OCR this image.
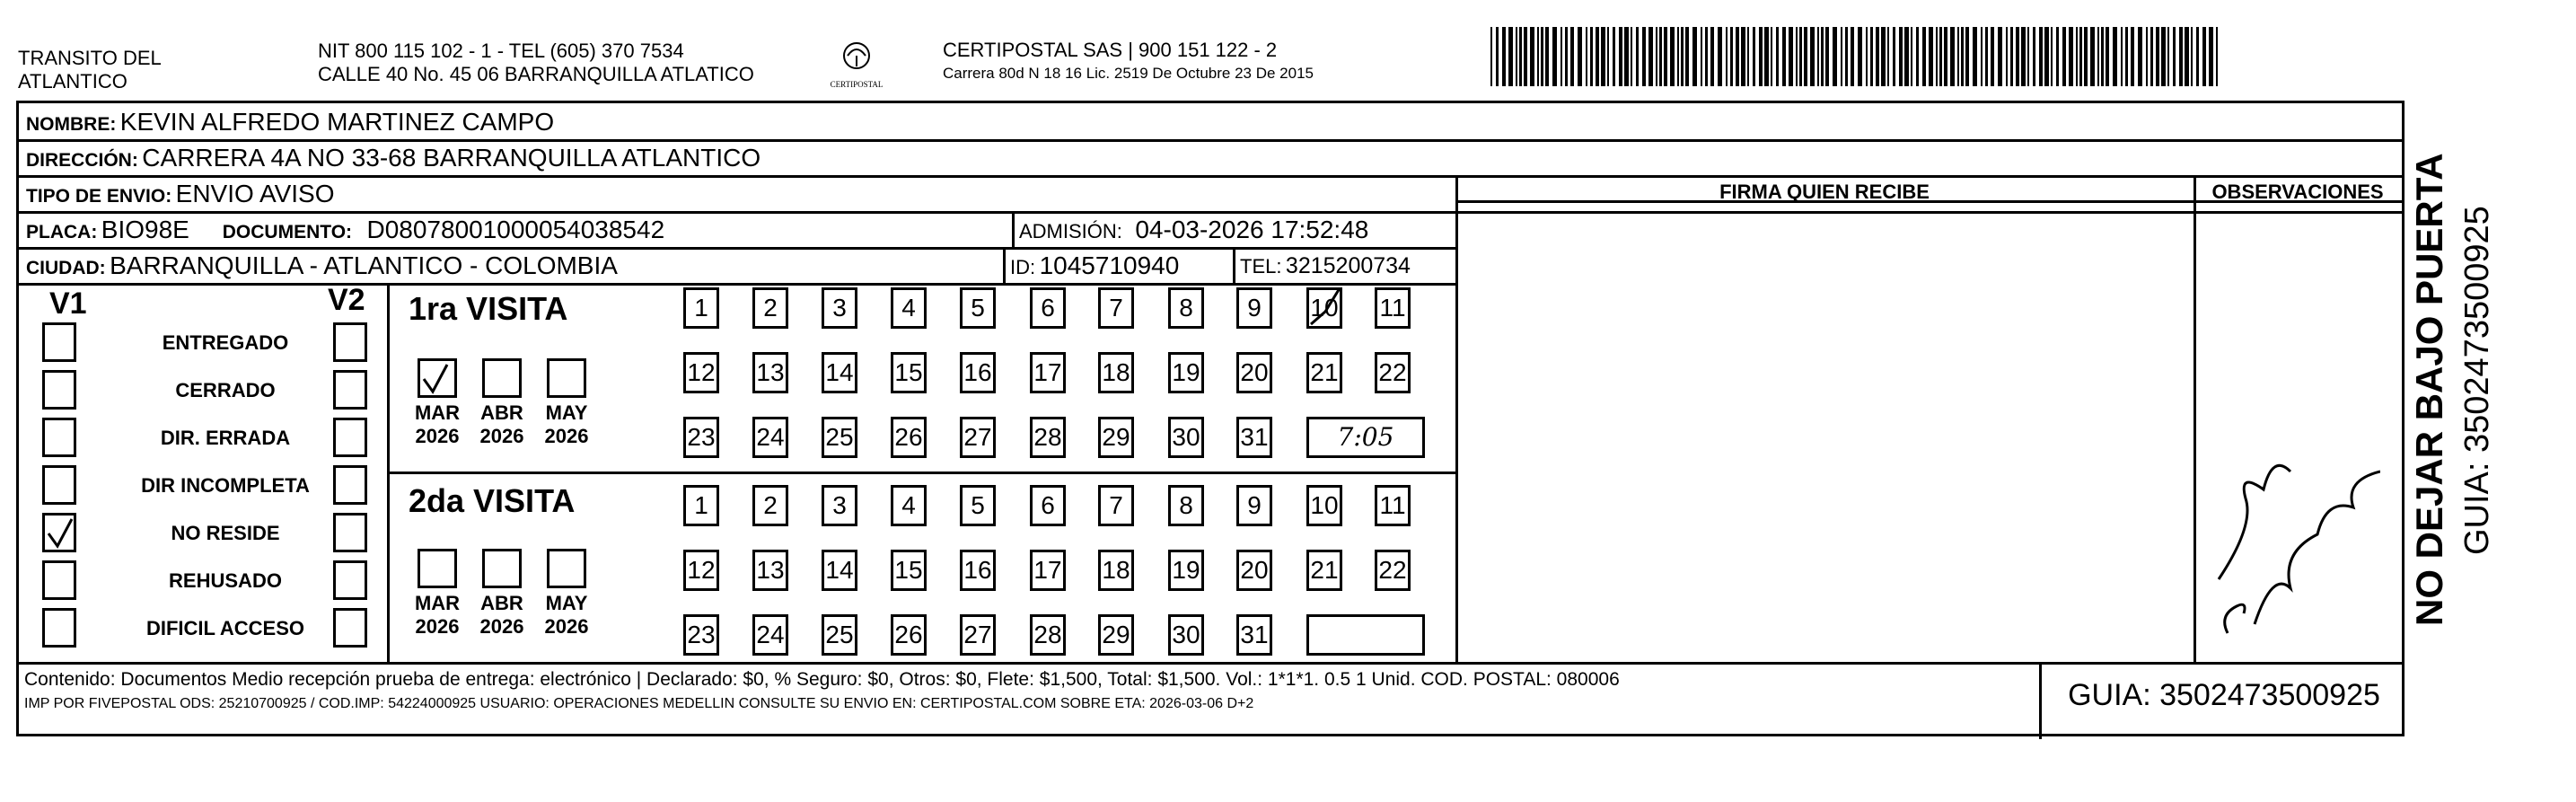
TRANSITO DEL
ATLANTICO
NIT 800 115 102 - 1 - TEL (605) 370 7534
CALLE 40 No. 45 06 BARRANQUILLA ATLATICO	CERTIPOSTAL
CERTIPOSTAL SAS | 900 151 122 - 2
Carrera 80d N 18 16 Lic. 2519 De Octubre 23 De 2015
NOMBRE: KEVIN ALFREDO MARTINEZ CAMPO
DIRECCIÓN: CARRERA 4A NO 33-68 BARRANQUILLA ATLANTICO
TIPO DE ENVIO: ENVIO AVISO	FIRMA QUIEN RECIBE	OBSERVACIONES
PLACA: BIO98E DOCUMENTO: D08078001000054038542	ADMISIÓN: 04-03-2026 17:52:48
CIUDAD: BARRANQUILLA - ATLANTICO - COLOMBIA	ID: 1045710940	TEL: 3215200734
V1	V2
ENTREGADO
CERRADO
DIR. ERRADA
DIR INCOMPLETA
NO RESIDE
REHUSADO
DIFICIL ACCESO
1ra VISITA
2da VISITA
MAR
2026
ABR
2026
MAY
2026
MAR
2026
ABR
2026
MAY
2026
1	2	3	4	5	6	7	8	9	10 11
12 13 14 15 16 17 18 19 20 21 22
23 24 25 26 27 28 29 30 31	7:05
1	2	3	4	5	6	7	8	9	10 11
12 13 14 15 16 17 18 19 20 21 22
23 24 25 26 27 28 29 30 31
Contenido: Documentos Medio recepción prueba de entrega: electrónico | Declarado: $0, % Seguro: $0, Otros: $0, Flete: $1,500, Total: $1,500. Vol.: 1*1*1. 0.5 1 Unid. COD. POSTAL: 080006
IMP POR FIVEPOSTAL ODS: 25210700925 / COD.IMP: 54224000925 USUARIO: OPERACIONES MEDELLIN CONSULTE SU ENVIO EN: CERTIPOSTAL.COM SOBRE ETA: 2026-03-06 D+2	GUIA: 3502473500925
NO DEJAR BAJO PUERTA GUIA: 3502473500925
